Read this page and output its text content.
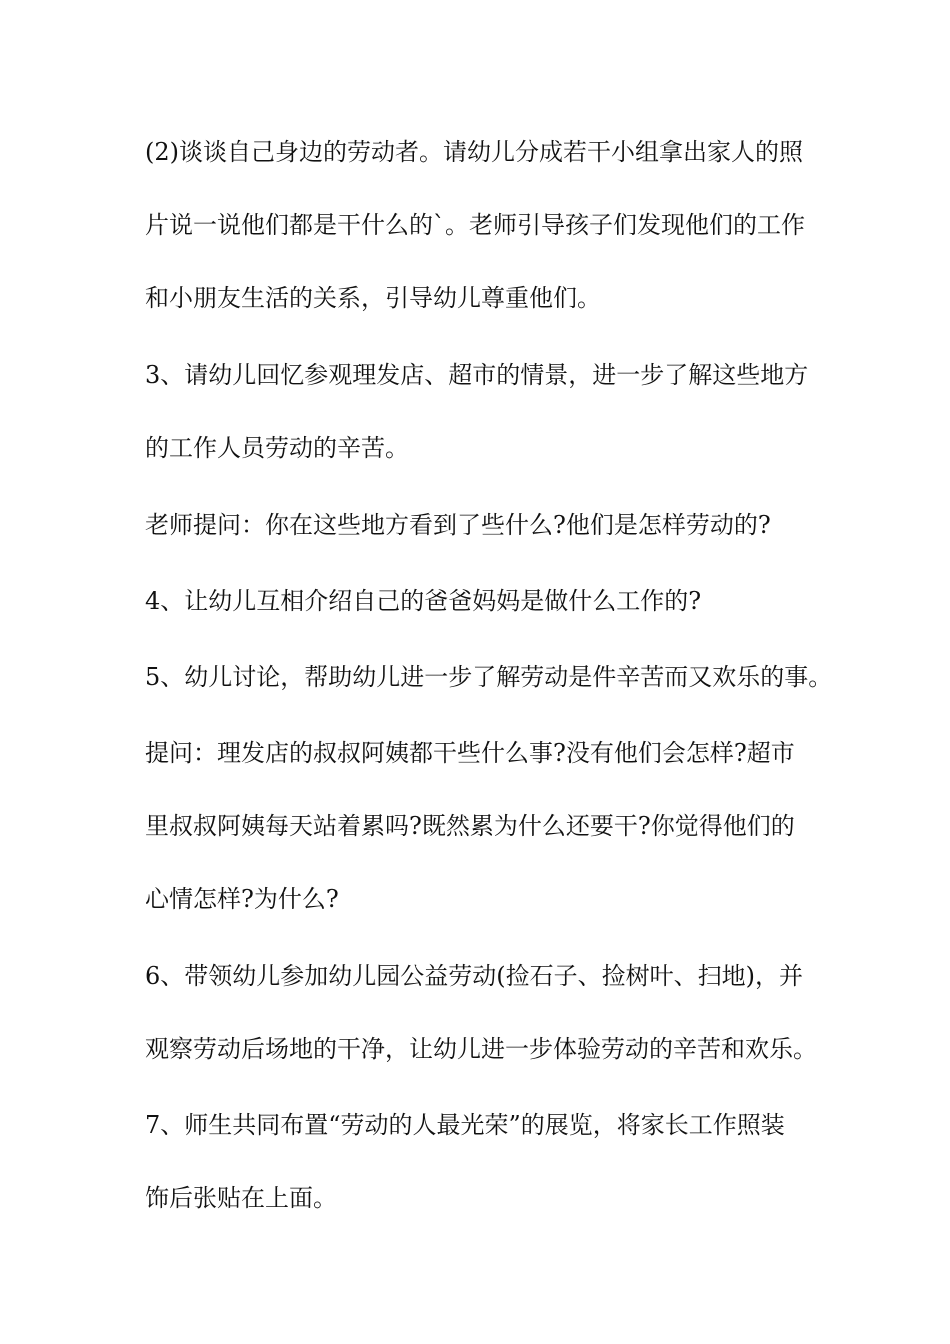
(2)谈谈自己身边的劳动者。请幼儿分成若干小组拿出家人的照
片说一说他们都是干什么的`。老师引导孩子们发现他们的工作
和小朋友生活的关系，引导幼儿尊重他们。
3、请幼儿回忆参观理发店、超市的情景，进一步了解这些地方
的工作人员劳动的辛苦。
老师提问：你在这些地方看到了些什么?他们是怎样劳动的?
4、让幼儿互相介绍自己的爸爸妈妈是做什么工作的?
5、幼儿讨论，帮助幼儿进一步了解劳动是件辛苦而又欢乐的事。
提问：理发店的叔叔阿姨都干些什么事?没有他们会怎样?超市
里叔叔阿姨每天站着累吗?既然累为什么还要干?你觉得他们的
心情怎样?为什么?
6、带领幼儿参加幼儿园公益劳动(捡石子、捡树叶、扫地)，并
观察劳动后场地的干净，让幼儿进一步体验劳动的辛苦和欢乐。
7、师生共同布置“劳动的人最光荣”的展览，将家长工作照装
饰后张贴在上面。
